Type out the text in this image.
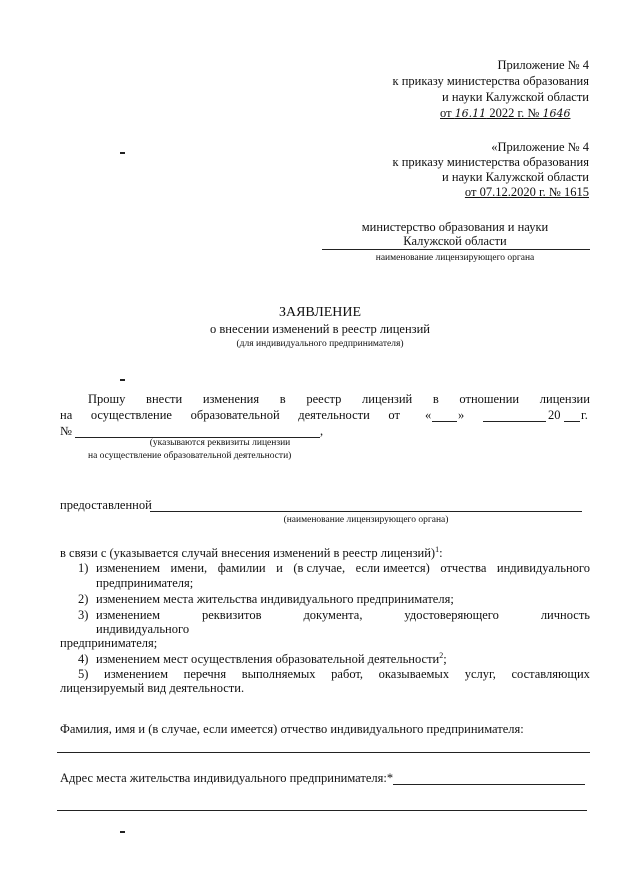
Приложение № 4
к приказу министерства образования
и науки Калужской области
от 16.11 2022 г. № 1646
«Приложение № 4
к приказу министерства образования
и науки Калужской области
от 07.12.2020 г. № 1615
министерство образования и науки
Калужской области
наименование лицензирующего органа
ЗАЯВЛЕНИЕ
о внесении изменений в реестр лицензий
(для индивидуального предпринимателя)
Прошу внести изменения в реестр лицензий в отношении лицензии
на осуществление образовательной деятельности от « »	20 г.
№	,
(указываются реквизиты лицензии
на осуществление образовательной деятельности)
предоставленной
(наименование лицензирующего органа)
в связи с (указывается случай внесения изменений в реестр лицензий)$^1$:
1) изменением имени, фамилии и (в случае, если имеется) отчества индивидуального
предпринимателя;
2) изменением места жительства индивидуального предпринимателя;
3) изменением	реквизитов	документа,	удостоверяющего	личность
индивидуального
предпринимателя;
4) изменением мест осуществления образовательной деятельности$^2$;
5) изменением перечня выполняемых работ, оказываемых услуг, составляющих
лицензируемый вид деятельности.
Фамилия, имя и (в случае, если имеется) отчество индивидуального предпринимателя:
Адрес места жительства индивидуального предпринимателя:*
